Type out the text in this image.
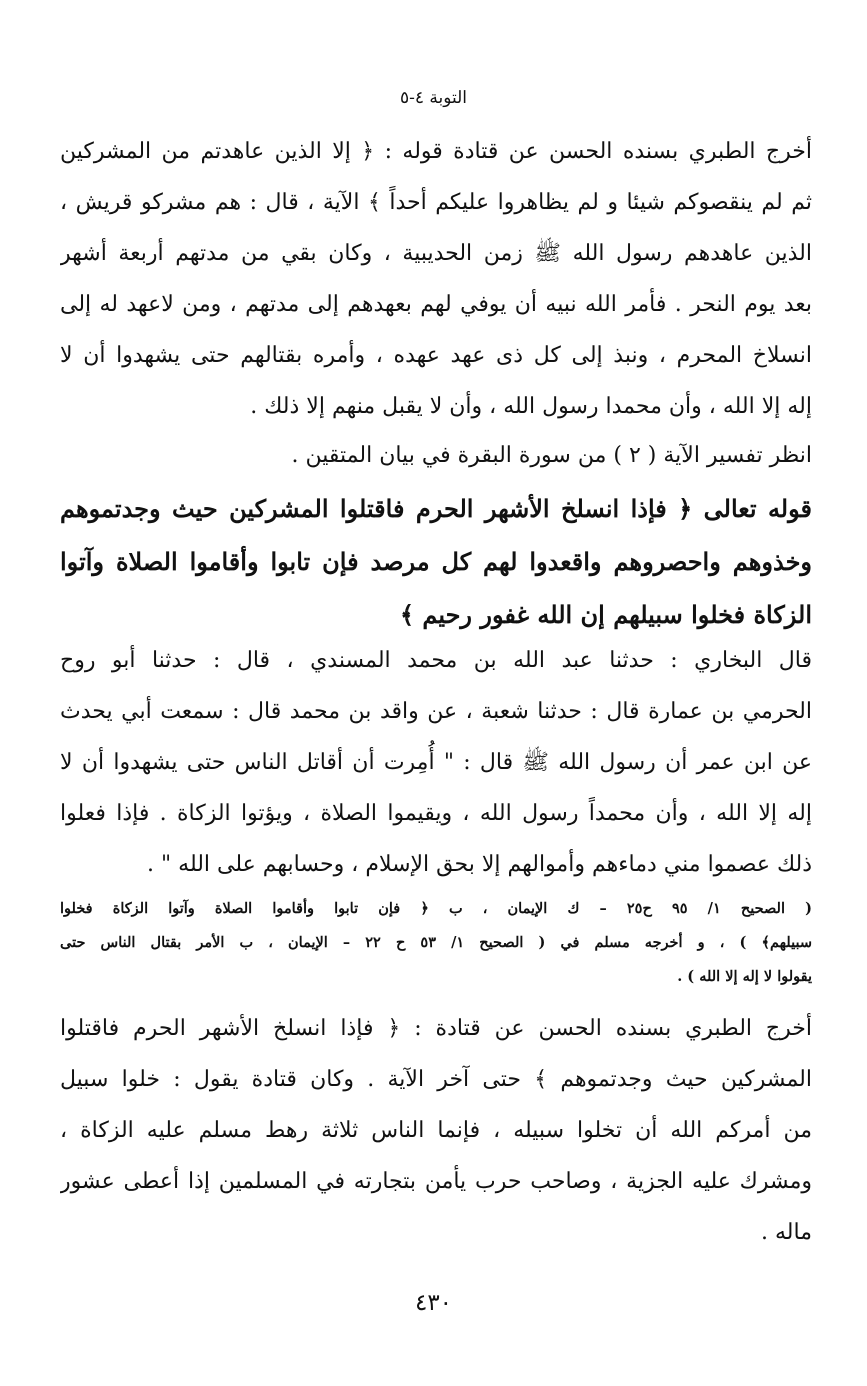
التوبة ٤-٥
أخرج الطبري بسنده الحسن عن قتادة قوله : ﴿ إلا الذين عاهدتم من المشركين
ثم لم ينقصوكم شيئا و لم يظاهروا عليكم أحداً ﴾ الآية ، قال : هم مشركو قريش ،
الذين عاهدهم رسول الله ﷺ زمن الحديبية ، وكان بقي من مدتهم أربعة أشهر
بعد يوم النحر . فأمر الله نبيه أن يوفي لهم بعهدهم إلى مدتهم ، ومن لاعهد له إلى
انسلاخ المحرم ، ونبذ إلى كل ذى عهد عهده ، وأمره بقتالهم حتى يشهدوا أن لا
إله إلا الله ، وأن محمدا رسول الله ، وأن لا يقبل منهم إلا ذلك .
انظر تفسير الآية ( ٢ ) من سورة البقرة في بيان المتقين .
قوله تعالى ﴿ فإذا انسلخ الأشهر الحرم فاقتلوا المشركين حيث وجدتموهم
وخذوهم واحصروهم واقعدوا لهم كل مرصد فإن تابوا وأقاموا الصلاة وآتوا
الزكاة فخلوا سبيلهم إن الله غفور رحيم ﴾
قال البخاري : حدثنا عبد الله بن محمد المسندي ، قال : حدثنا أبو روح
الحرمي بن عمارة قال : حدثنا شعبة ، عن واقد بن محمد قال : سمعت أبي يحدث
عن ابن عمر أن رسول الله ﷺ قال : " أُمِرت أن أقاتل الناس حتى يشهدوا أن لا
إله إلا الله ، وأن محمداً رسول الله ، ويقيموا الصلاة ، ويؤتوا الزكاة . فإذا فعلوا
ذلك عصموا مني دماءهم وأموالهم إلا بحق الإسلام ، وحسابهم على الله " .
( الصحيح ١/ ٩٥ ح٢٥ – ك الإيمان ، ب ﴿ فإن تابوا وأقاموا الصلاة وآتوا الزكاة فخلوا
سبيلهم﴾ ) ، و أخرجه مسلم في ( الصحيح ١/ ٥٣ ح ٢٢ – الإيمان ، ب الأمر بقتال الناس حتى
يقولوا لا إله إلا الله ) .
أخرج الطبري بسنده الحسن عن قتادة : ﴿ فإذا انسلخ الأشهر الحرم فاقتلوا
المشركين حيث وجدتموهم ﴾ حتى آخر الآية . وكان قتادة يقول : خلوا سبيل
من أمركم الله أن تخلوا سبيله ، فإنما الناس ثلاثة رهط مسلم عليه الزكاة ،
ومشرك عليه الجزية ، وصاحب حرب يأمن بتجارته في المسلمين إذا أعطى عشور
ماله .
٤٣٠
